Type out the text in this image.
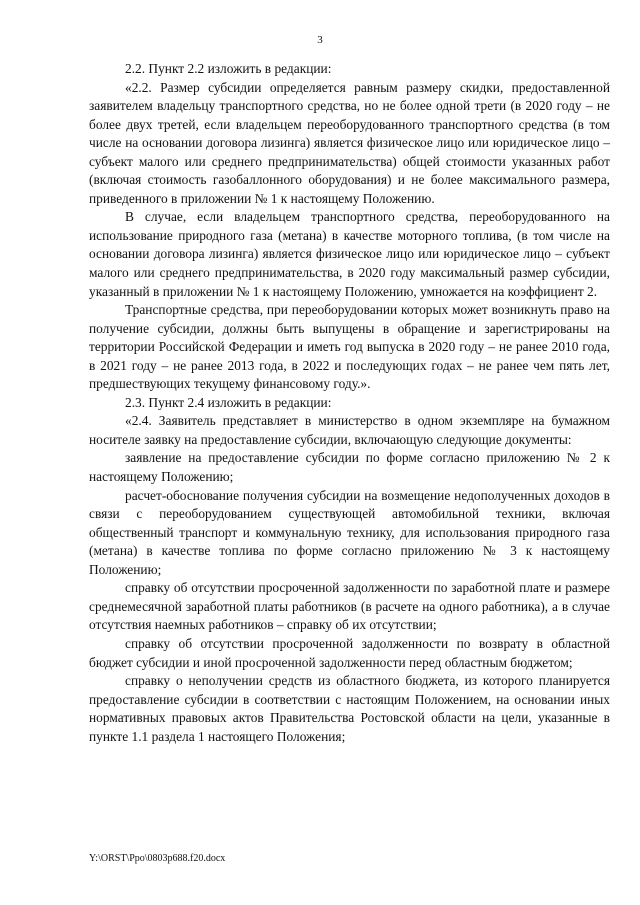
3

2.2. Пункт 2.2 изложить в редакции:

«2.2. Размер субсидии определяется равным размеру скидки, предоставленной заявителем владельцу транспортного средства, но не более одной трети (в 2020 году – не более двух третей, если владельцем переоборудованного транспортного средства (в том числе на основании договора лизинга) является физическое лицо или юридическое лицо – субъект малого или среднего предпринимательства) общей стоимости указанных работ (включая стоимость газобаллонного оборудования) и не более максимального размера, приведенного в приложении № 1 к настоящему Положению.

В случае, если владельцем транспортного средства, переоборудованного на использование природного газа (метана) в качестве моторного топлива, (в том числе на основании договора лизинга) является физическое лицо или юридическое лицо – субъект малого или среднего предпринимательства, в 2020 году максимальный размер субсидии, указанный в приложении № 1 к настоящему Положению, умножается на коэффициент 2.

Транспортные средства, при переоборудовании которых может возникнуть право на получение субсидии, должны быть выпущены в обращение и зарегистрированы на территории Российской Федерации и иметь год выпуска в 2020 году – не ранее 2010 года, в 2021 году – не ранее 2013 года, в 2022 и последующих годах – не ранее чем пять лет, предшествующих текущему финансовому году.».

2.3. Пункт 2.4 изложить в редакции:

«2.4. Заявитель представляет в министерство в одном экземпляре на бумажном носителе заявку на предоставление субсидии, включающую следующие документы:

заявление на предоставление субсидии по форме согласно приложению № 2 к настоящему Положению;

расчет-обоснование получения субсидии на возмещение недополученных доходов в связи с переоборудованием существующей автомобильной техники, включая общественный транспорт и коммунальную технику, для использования природного газа (метана) в качестве топлива по форме согласно приложению № 3 к настоящему Положению;

справку об отсутствии просроченной задолженности по заработной плате и размере среднемесячной заработной платы работников (в расчете на одного работника), а в случае отсутствия наемных работников – справку об их отсутствии;

справку об отсутствии просроченной задолженности по возврату в областной бюджет субсидии и иной просроченной задолженности перед областным бюджетом;

справку о неполучении средств из областного бюджета, из которого планируется предоставление субсидии в соответствии с настоящим Положением, на основании иных нормативных правовых актов Правительства Ростовской области на цели, указанные в пункте 1.1 раздела 1 настоящего Положения;

Y:\ORST\Ppo\0803p688.f20.docx
